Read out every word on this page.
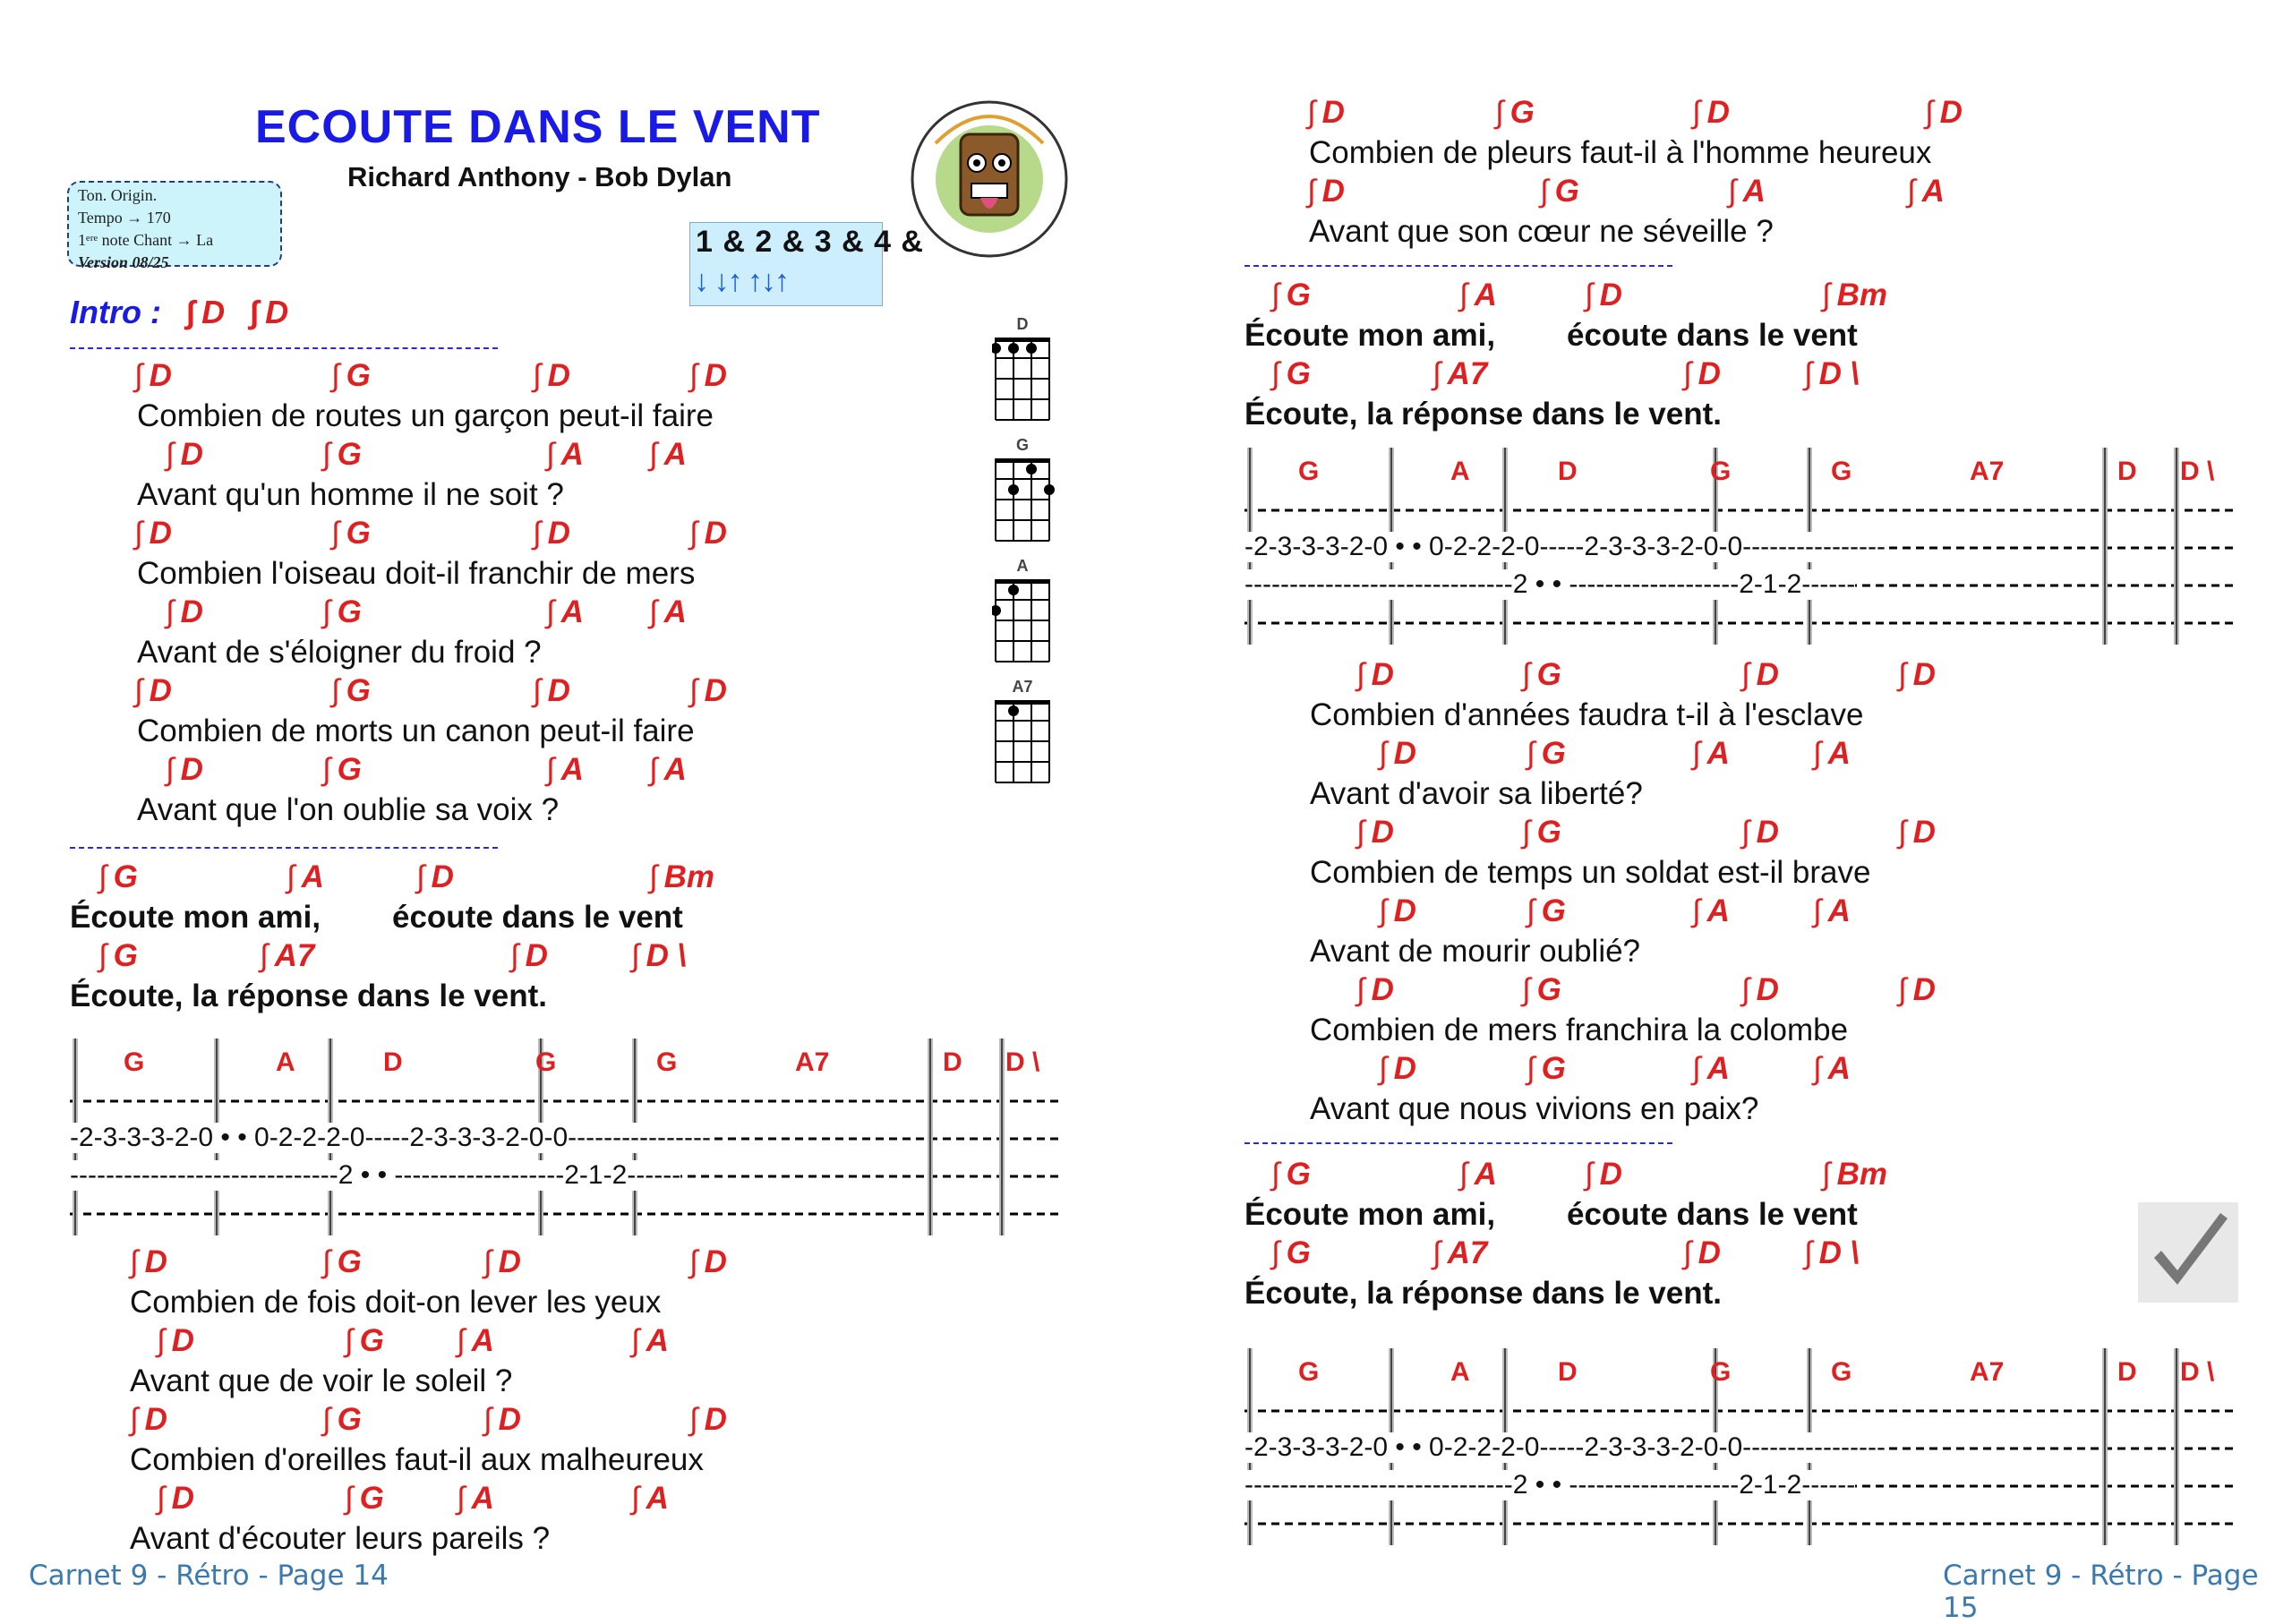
ECOUTE DANS LE VENT
Richard Anthony - Bob Dylan
Ton. Origin.
Tempo → 170
1ᵉʳᵉ note Chant → La
Version 08/25
1 & 2 & 3 & 4 &
↓ ↓↑ ↑↓↑
Intro : ∫ D ∫ D
G	A	D	G	G	A7	D D \
-2-3-3-3-2-0 • • 0-2-2-2-0-----2-3-3-3-2-0-0----------------
------------------------------2 • • -------------------2-1-2------
G	A	D	G	G	A7	D D \
-2-3-3-3-2-0 • • 0-2-2-2-0-----2-3-3-3-2-0-0----------------
------------------------------2 • • -------------------2-1-2------
G	A	D	G	G	A7	D D \
-2-3-3-3-2-0 • • 0-2-2-2-0-----2-3-3-3-2-0-0----------------
------------------------------2 • • -------------------2-1-2------
Carnet 9 - Rétro - Page 14	Carnet 9 - Rétro - Page 15
∫ D	∫ G	∫ D	∫ D
Combien de routes un garçon peut-il faire
∫ D	∫ G	∫ A	∫ A
Avant qu'un homme il ne soit ?
∫ D	∫ G	∫ D	∫ D
Combien l'oiseau doit-il franchir de mers
∫ D	∫ G	∫ A	∫ A
Avant de s'éloigner du froid ?
∫ D	∫ G	∫ D	∫ D
Combien de morts un canon peut-il faire
∫ D	∫ G	∫ A	∫ A
Avant que l'on oublie sa voix ?
∫ G	∫ A	∫ D	∫ Bm
Écoute mon ami, écoute dans le vent
∫ G	∫ A7	∫ D	∫ D \
Écoute, la réponse dans le vent.
∫ D	∫ G	∫ D	∫ D
Combien de fois doit-on lever les yeux
∫ D	∫ G	∫ A	∫ A
Avant que de voir le soleil ?
∫ D	∫ G	∫ D	∫ D
Combien d'oreilles faut-il aux malheureux
∫ D	∫ G	∫ A	∫ A
Avant d'écouter leurs pareils ?
∫ D	∫ G	∫ D	∫ D
Combien de pleurs faut-il à l'homme heureux
∫ D	∫ G	∫ A	∫ A
Avant que son cœur ne séveille ?
∫ G	∫ A	∫ D	∫ Bm
Écoute mon ami, écoute dans le vent
∫ G	∫ A7	∫ D	∫ D \
Écoute, la réponse dans le vent.
∫ D	∫ G	∫ D	∫ D
Combien d'années faudra t-il à l'esclave
∫ D	∫ G	∫ A	∫ A
Avant d'avoir sa liberté?
∫ D	∫ G	∫ D	∫ D
Combien de temps un soldat est-il brave
∫ D	∫ G	∫ A	∫ A
Avant de mourir oublié?
∫ D	∫ G	∫ D	∫ D
Combien de mers franchira la colombe
∫ D	∫ G	∫ A	∫ A
Avant que nous vivions en paix?
∫ G	∫ A	∫ D	∫ Bm
Écoute mon ami, écoute dans le vent
∫ G	∫ A7	∫ D	∫ D \
Écoute, la réponse dans le vent.
D
G
A
A7
